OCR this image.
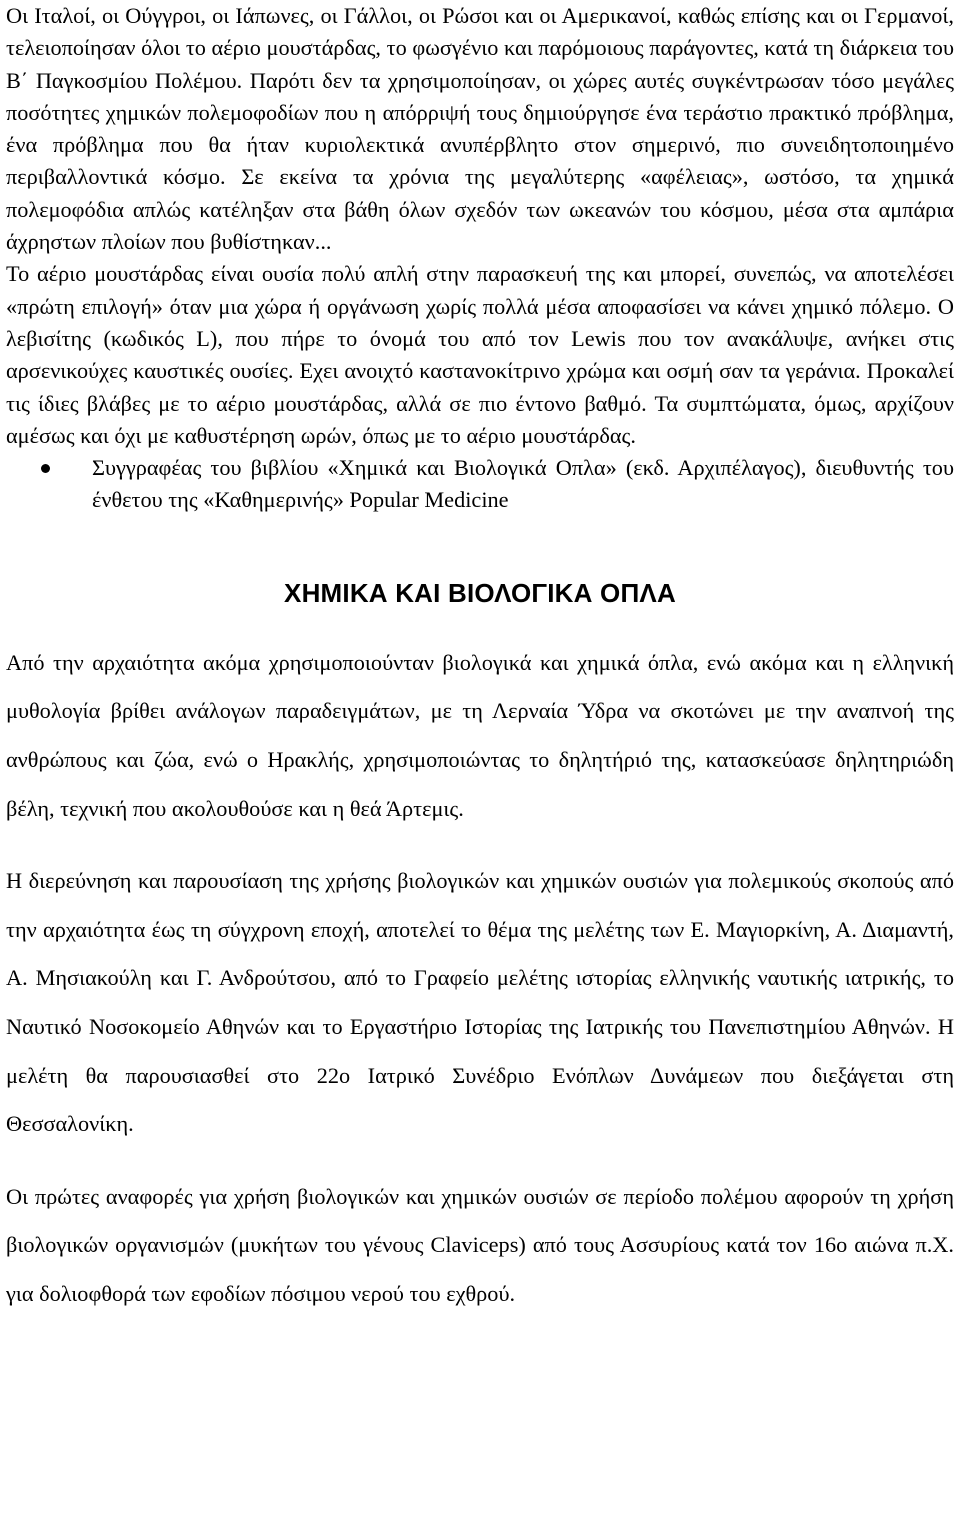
Οι Ιταλοί, οι Ούγγροι, οι Ιάπωνες, οι Γάλλοι, οι Ρώσοι και οι Αμερικανοί, καθώς επίσης και οι Γερμανοί, τελειοποίησαν όλοι το αέριο μουστάρδας, το φωσγένιο και παρόμοιους παράγοντες, κατά τη διάρκεια του Β΄ Παγκοσμίου Πολέμου. Παρότι δεν τα χρησιμοποίησαν, οι χώρες αυτές συγκέντρωσαν τόσο μεγάλες ποσότητες χημικών πολεμοφοδίων που η απόρριψή τους δημιούργησε ένα τεράστιο πρακτικό πρόβλημα, ένα πρόβλημα που θα ήταν κυριολεκτικά ανυπέρβλητο στον σημερινό, πιο συνειδητοποιημένο περιβαλλοντικά κόσμο. Σε εκείνα τα χρόνια της μεγαλύτερης «αφέλειας», ωστόσο, τα χημικά πολεμοφόδια απλώς κατέληξαν στα βάθη όλων σχεδόν των ωκεανών του κόσμου, μέσα στα αμπάρια άχρηστων πλοίων που βυθίστηκαν...

Το αέριο μουστάρδας είναι ουσία πολύ απλή στην παρασκευή της και μπορεί, συνεπώς, να αποτελέσει «πρώτη επιλογή» όταν μια χώρα ή οργάνωση χωρίς πολλά μέσα αποφασίσει να κάνει χημικό πόλεμο. Ο λεβισίτης (κωδικός L), που πήρε το όνομά του από τον Lewis που τον ανακάλυψε, ανήκει στις αρσενικούχες καυστικές ουσίες. Εχει ανοιχτό καστανοκίτρινο χρώμα και οσμή σαν τα γεράνια. Προκαλεί τις ίδιες βλάβες με το αέριο μουστάρδας, αλλά σε πιο έντονο βαθμό. Τα συμπτώματα, όμως, αρχίζουν αμέσως και όχι με καθυστέρηση ωρών, όπως με το αέριο μουστάρδας.

Συγγραφέας του βιβλίου «Χημικά και Βιολογικά Οπλα» (εκδ. Αρχιπέλαγος), διευθυντής του ένθετου της «Καθημερινής» Popular Medicine
ΧΗΜΙΚΑ ΚΑΙ ΒΙΟΛΟΓΙΚΑ ΟΠΛΑ

Από την αρχαιότητα ακόμα χρησιμοποιούνταν βιολογικά και χημικά όπλα, ενώ ακόμα και η ελληνική μυθολογία βρίθει ανάλογων παραδειγμάτων, με τη Λερναία Ύδρα να σκοτώνει με την αναπνοή της ανθρώπους και ζώα, ενώ ο Ηρακλής, χρησιμοποιώντας το δηλητήριό της, κατασκεύασε δηλητηριώδη βέλη, τεχνική που ακολουθούσε και η θεά Άρτεμις.

Η διερεύνηση και παρουσίαση της χρήσης βιολογικών και χημικών ουσιών για πολεμικούς σκοπούς από την αρχαιότητα έως τη σύγχρονη εποχή, αποτελεί το θέμα της μελέτης των Ε. Μαγιορκίνη, Α. Διαμαντή, Α. Μησιακούλη και Γ. Ανδρούτσου, από το Γραφείο μελέτης ιστορίας ελληνικής ναυτικής ιατρικής, το Ναυτικό Νοσοκομείο Αθηνών και το Εργαστήριο Ιστορίας της Ιατρικής του Πανεπιστημίου Αθηνών. Η μελέτη θα παρουσιασθεί στο 22ο Ιατρικό Συνέδριο Ενόπλων Δυνάμεων που διεξάγεται στη Θεσσαλονίκη.

Οι πρώτες αναφορές για χρήση βιολογικών και χημικών ουσιών σε περίοδο πολέμου αφορούν τη χρήση βιολογικών οργανισμών (μυκήτων του γένους Claviceps) από τους Ασσυρίους κατά τον 16ο αιώνα π.Χ. για δολιοφθορά των εφοδίων πόσιμου νερού του εχθρού.
